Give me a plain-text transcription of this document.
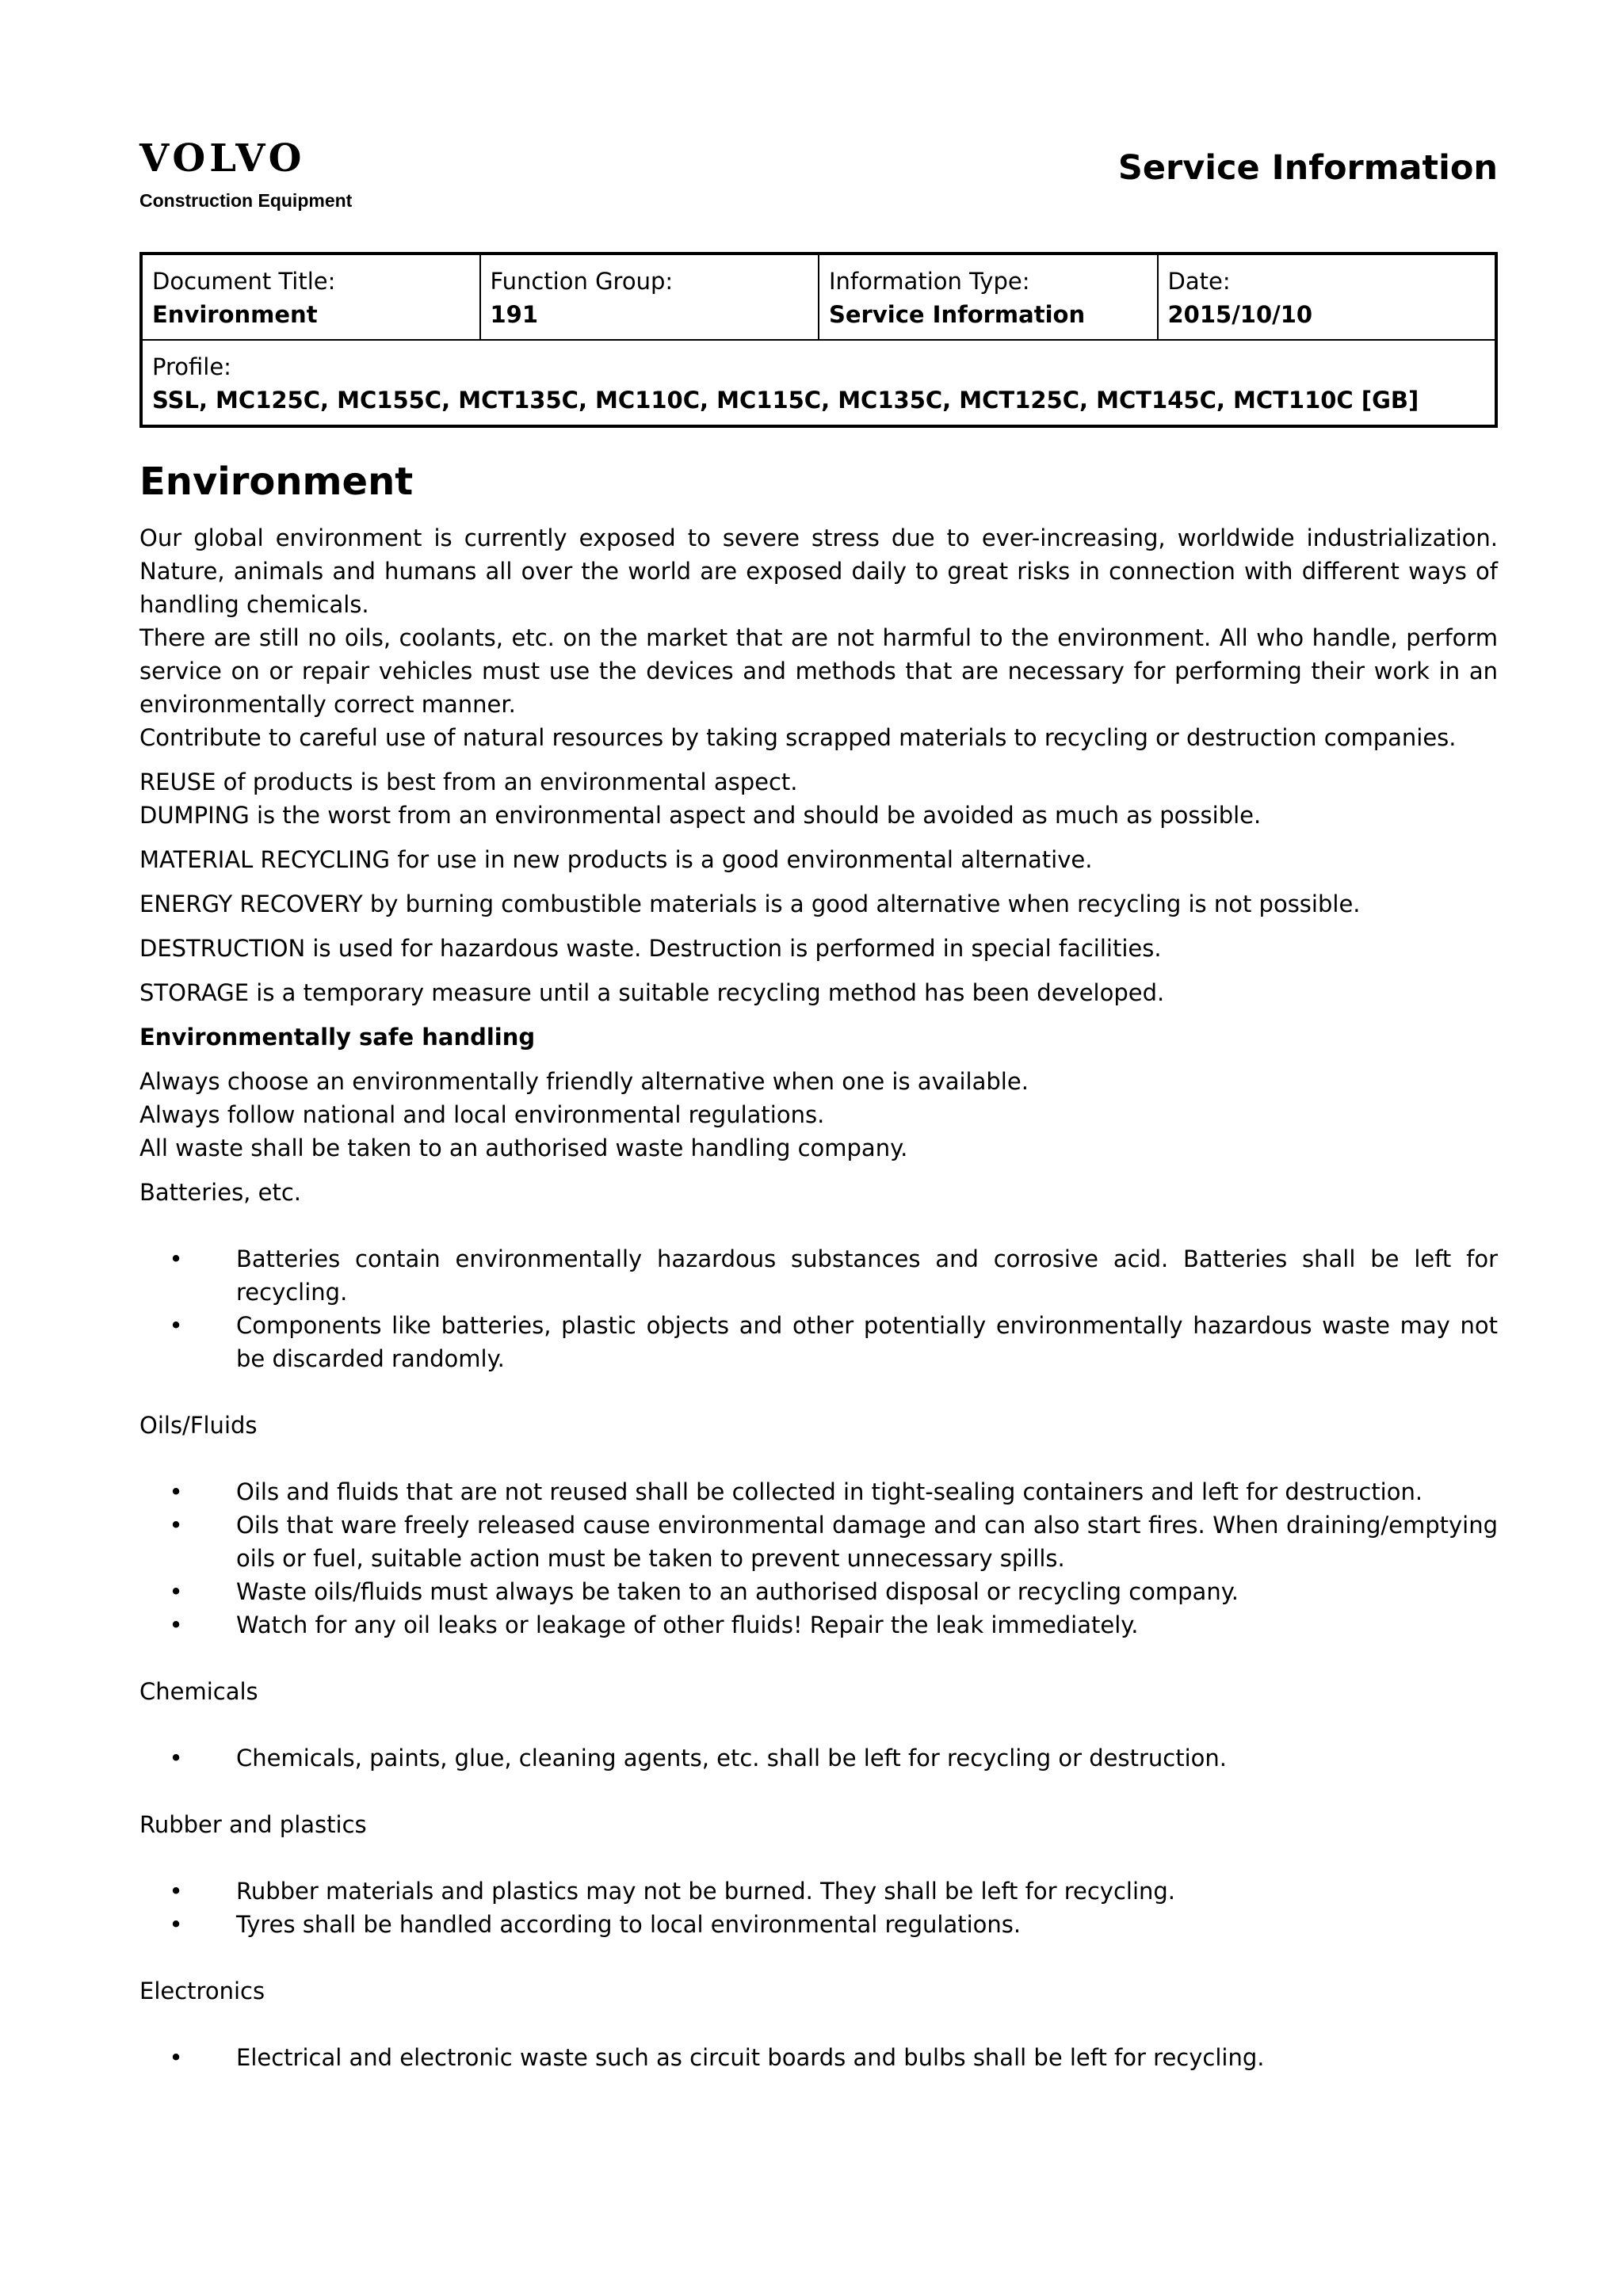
VOLVO
Construction Equipment
Service Information
Document Title:
Environment

Function Group:
191

Information Type:
Service Information

Date:
2015/10/10

Profile:
SSL, MC125C, MC155C, MCT135C, MC110C, MC115C, MC135C, MCT125C, MCT145C, MCT110C [GB]
Environment

Our global environment is currently exposed to severe stress due to ever-increasing, worldwide industrialization. Nature, animals and humans all over the world are exposed daily to great risks in connection with different ways of handling chemicals.

There are still no oils, coolants, etc. on the market that are not harmful to the environment. All who handle, perform service on or repair vehicles must use the devices and methods that are necessary for performing their work in an environmentally correct manner.

Contribute to careful use of natural resources by taking scrapped materials to recycling or destruction companies.

REUSE of products is best from an environmental aspect.

DUMPING is the worst from an environmental aspect and should be avoided as much as possible.

MATERIAL RECYCLING for use in new products is a good environmental alternative.

ENERGY RECOVERY by burning combustible materials is a good alternative when recycling is not possible.

DESTRUCTION is used for hazardous waste. Destruction is performed in special facilities.

STORAGE is a temporary measure until a suitable recycling method has been developed.

Environmentally safe handling

Always choose an environmentally friendly alternative when one is available.

Always follow national and local environmental regulations.

All waste shall be taken to an authorised waste handling company.

Batteries, etc.
• Batteries contain environmentally hazardous substances and corrosive acid. Batteries shall be left for recycling.
• Components like batteries, plastic objects and other potentially environmentally hazardous waste may not be discarded randomly.
Oils/Fluids
• Oils and fluids that are not reused shall be collected in tight-sealing containers and left for destruction.
• Oils that ware freely released cause environmental damage and can also start fires. When draining/emptying oils or fuel, suitable action must be taken to prevent unnecessary spills.
• Waste oils/fluids must always be taken to an authorised disposal or recycling company.
• Watch for any oil leaks or leakage of other fluids! Repair the leak immediately.
Chemicals
• Chemicals, paints, glue, cleaning agents, etc. shall be left for recycling or destruction.
Rubber and plastics
• Rubber materials and plastics may not be burned. They shall be left for recycling.
• Tyres shall be handled according to local environmental regulations.
Electronics
• Electrical and electronic waste such as circuit boards and bulbs shall be left for recycling.
